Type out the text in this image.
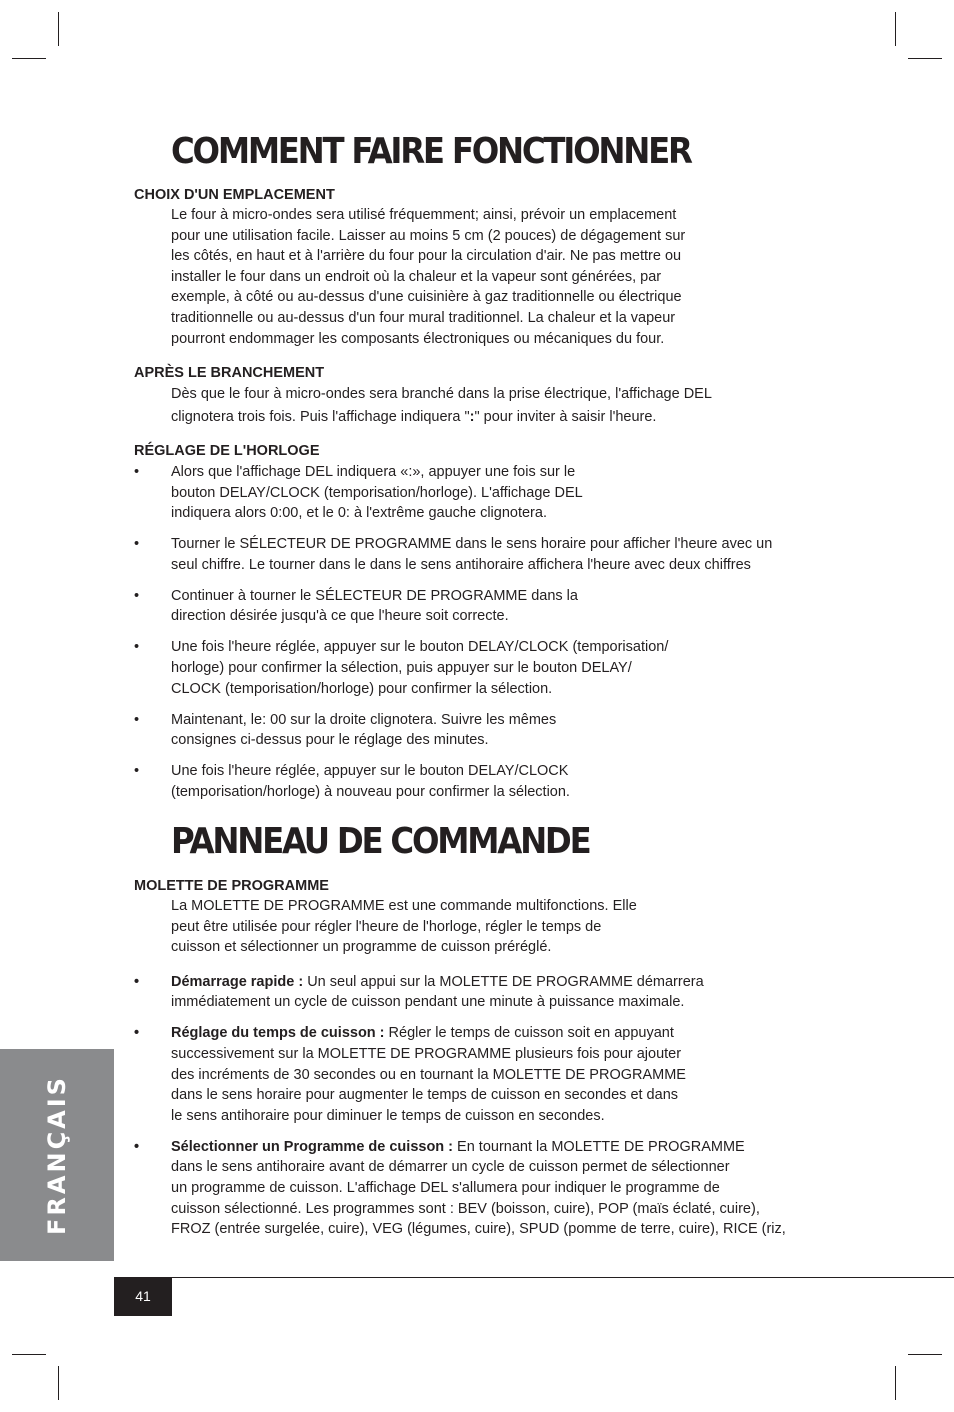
COMMENT FAIRE FONCTIONNER

CHOIX D'UN EMPLACEMENT

Le four à micro-ondes sera utilisé fréquemment; ainsi, prévoir un emplacement
pour une utilisation facile. Laisser au moins 5 cm (2 pouces) de dégagement sur
les côtés, en haut et à l'arrière du four pour la circulation d'air. Ne pas mettre ou
installer le four dans un endroit où la chaleur et la vapeur sont générées, par
exemple, à côté ou au-dessus d'une cuisinière à gaz traditionnelle ou électrique
traditionnelle ou au-dessus d'un four mural traditionnel. La chaleur et la vapeur
pourront endommager les composants électroniques ou mécaniques du four.

APRÈS LE BRANCHEMENT

Dès que le four à micro-ondes sera branché dans la prise électrique, l'affichage DEL
clignotera trois fois. Puis l'affichage indiquera ":" pour inviter à saisir l'heure.

RÉGLAGE DE L'HORLOGE

• Alors que l'affichage DEL indiquera «:», appuyer une fois sur le
bouton DELAY/CLOCK (temporisation/horloge). L'affichage DEL
indiquera alors 0:00, et le 0: à l'extrême gauche clignotera.
• Tourner le SÉLECTEUR DE PROGRAMME dans le sens horaire pour afficher l'heure avec un
seul chiffre. Le tourner dans le dans le sens antihoraire affichera l'heure avec deux chiffres
• Continuer à tourner le SÉLECTEUR DE PROGRAMME dans la
direction désirée jusqu'à ce que l'heure soit correcte.
• Une fois l'heure réglée, appuyer sur le bouton DELAY/CLOCK (temporisation/
horloge) pour confirmer la sélection, puis appuyer sur le bouton DELAY/
CLOCK (temporisation/horloge) pour confirmer la sélection.
• Maintenant, le: 00 sur la droite clignotera. Suivre les mêmes
consignes ci-dessus pour le réglage des minutes.
• Une fois l'heure réglée, appuyer sur le bouton DELAY/CLOCK
(temporisation/horloge) à nouveau pour confirmer la sélection.
PANNEAU DE COMMANDE

MOLETTE DE PROGRAMME

La MOLETTE DE PROGRAMME est une commande multifonctions. Elle
peut être utilisée pour régler l'heure de l'horloge, régler le temps de
cuisson et sélectionner un programme de cuisson préréglé.

• Démarrage rapide : Un seul appui sur la MOLETTE DE PROGRAMME démarrera
immédiatement un cycle de cuisson pendant une minute à puissance maximale.
• Réglage du temps de cuisson : Régler le temps de cuisson soit en appuyant
successivement sur la MOLETTE DE PROGRAMME plusieurs fois pour ajouter
des incréments de 30 secondes ou en tournant la MOLETTE DE PROGRAMME
dans le sens horaire pour augmenter le temps de cuisson en secondes et dans
le sens antihoraire pour diminuer le temps de cuisson en secondes.
• Sélectionner un Programme de cuisson : En tournant la MOLETTE DE PROGRAMME
dans le sens antihoraire avant de démarrer un cycle de cuisson permet de sélectionner
un programme de cuisson. L'affichage DEL s'allumera pour indiquer le programme de
cuisson sélectionné. Les programmes sont : BEV (boisson, cuire), POP (maïs éclaté, cuire),
FROZ (entrée surgelée, cuire), VEG (légumes, cuire), SPUD (pomme de terre, cuire), RICE (riz,
FRANÇAIS
41
